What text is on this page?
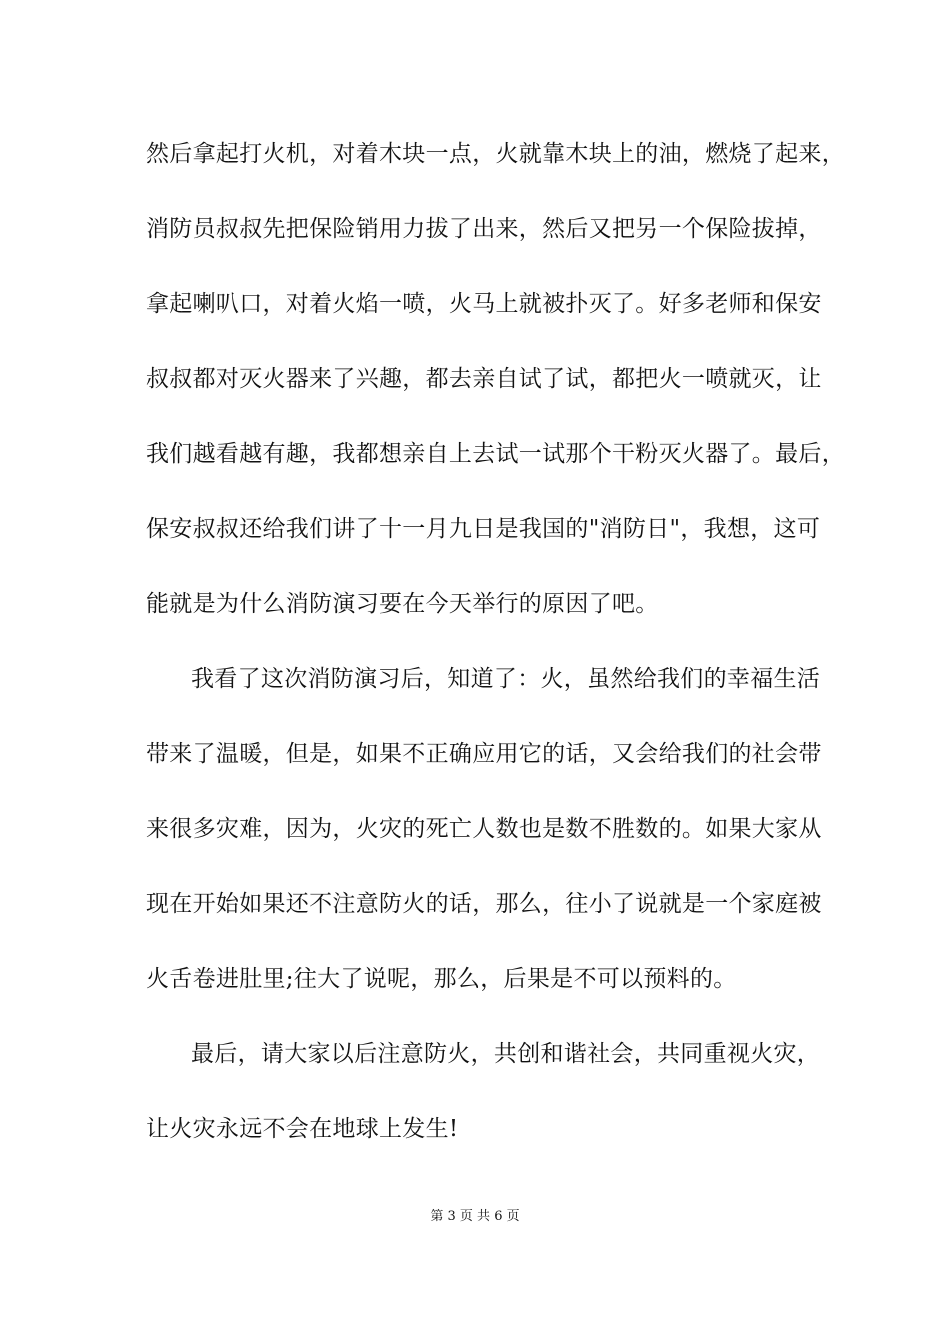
然后拿起打火机，对着木块一点，火就靠木块上的油，燃烧了起来，
消防员叔叔先把保险销用力拔了出来，然后又把另一个保险拔掉，
拿起喇叭口，对着火焰一喷，火马上就被扑灭了。好多老师和保安
叔叔都对灭火器来了兴趣，都去亲自试了试，都把火一喷就灭，让
我们越看越有趣，我都想亲自上去试一试那个干粉灭火器了。最后，
保安叔叔还给我们讲了十一月九日是我国的"消防日"，我想，这可
能就是为什么消防演习要在今天举行的原因了吧。
我看了这次消防演习后，知道了：火，虽然给我们的幸福生活
带来了温暖，但是，如果不正确应用它的话，又会给我们的社会带
来很多灾难，因为，火灾的死亡人数也是数不胜数的。如果大家从
现在开始如果还不注意防火的话，那么，往小了说就是一个家庭被
火舌卷进肚里;往大了说呢，那么，后果是不可以预料的。
最后，请大家以后注意防火，共创和谐社会，共同重视火灾，
让火灾永远不会在地球上发生!
第 3 页 共 6 页
